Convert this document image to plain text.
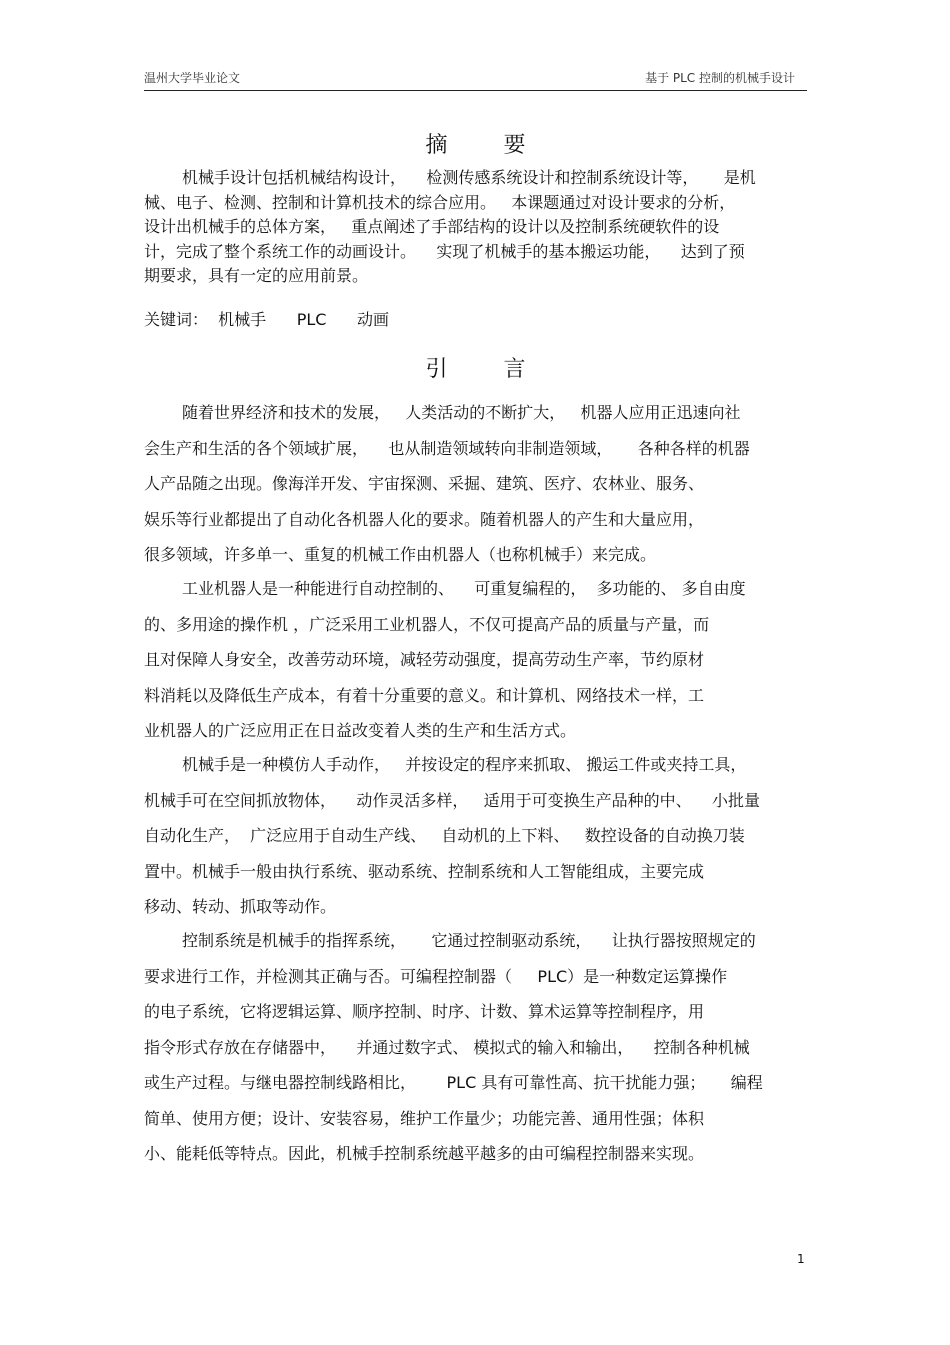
温州大学毕业论文	基于 PLC 控制的机械手设计
摘要
机械手设计包括机械结构设计，    检测传感系统设计和控制系统设计等，     是机
械、电子、检测、控制和计算机技术的综合应用。   本课题通过对设计要求的分析，
设计出机械手的总体方案，   重点阐述了手部结构的设计以及控制系统硬软件的设
计，完成了整个系统工作的动画设计。    实现了机械手的基本搬运功能，    达到了预
期要求，具有一定的应用前景。
关键词：  机械手      PLC      动画
引言
随着世界经济和技术的发展，   人类活动的不断扩大，   机器人应用正迅速向社
会生产和生活的各个领域扩展，    也从制造领域转向非制造领域，     各种各样的机器
人产品随之出现。像海洋开发、宇宙探测、采掘、建筑、医疗、农林业、服务、
娱乐等行业都提出了自动化各机器人化的要求。随着机器人的产生和大量应用，
很多领域，许多单一、重复的机械工作由机器人（也称机械手）来完成。
工业机器人是一种能进行自动控制的、    可重复编程的，  多功能的、 多自由度
的、多用途的操作机 ，广泛采用工业机器人，不仅可提高产品的质量与产量，而
且对保障人身安全，改善劳动环境，减轻劳动强度，提高劳动生产率，节约原材
料消耗以及降低生产成本，有着十分重要的意义。和计算机、网络技术一样，工
业机器人的广泛应用正在日益改变着人类的生产和生活方式。
机械手是一种模仿人手动作，   并按设定的程序来抓取、 搬运工件或夹持工具，
机械手可在空间抓放物体，    动作灵活多样，   适用于可变换生产品种的中、    小批量
自动化生产，  广泛应用于自动生产线、   自动机的上下料、   数控设备的自动换刀装
置中。机械手一般由执行系统、驱动系统、控制系统和人工智能组成，主要完成
移动、转动、抓取等动作。
控制系统是机械手的指挥系统，     它通过控制驱动系统，    让执行器按照规定的
要求进行工作，并检测其正确与否。可编程控制器（     PLC）是一种数定运算操作
的电子系统，它将逻辑运算、顺序控制、时序、计数、算术运算等控制程序，用
指令形式存放在存储器中，    并通过数字式、 模拟式的输入和输出，    控制各种机械
或生产过程。与继电器控制线路相比，      PLC 具有可靠性高、抗干扰能力强；     编程
简单、使用方便；设计、安装容易，维护工作量少；功能完善、通用性强；体积
小、能耗低等特点。因此，机械手控制系统越平越多的由可编程控制器来实现。
1
